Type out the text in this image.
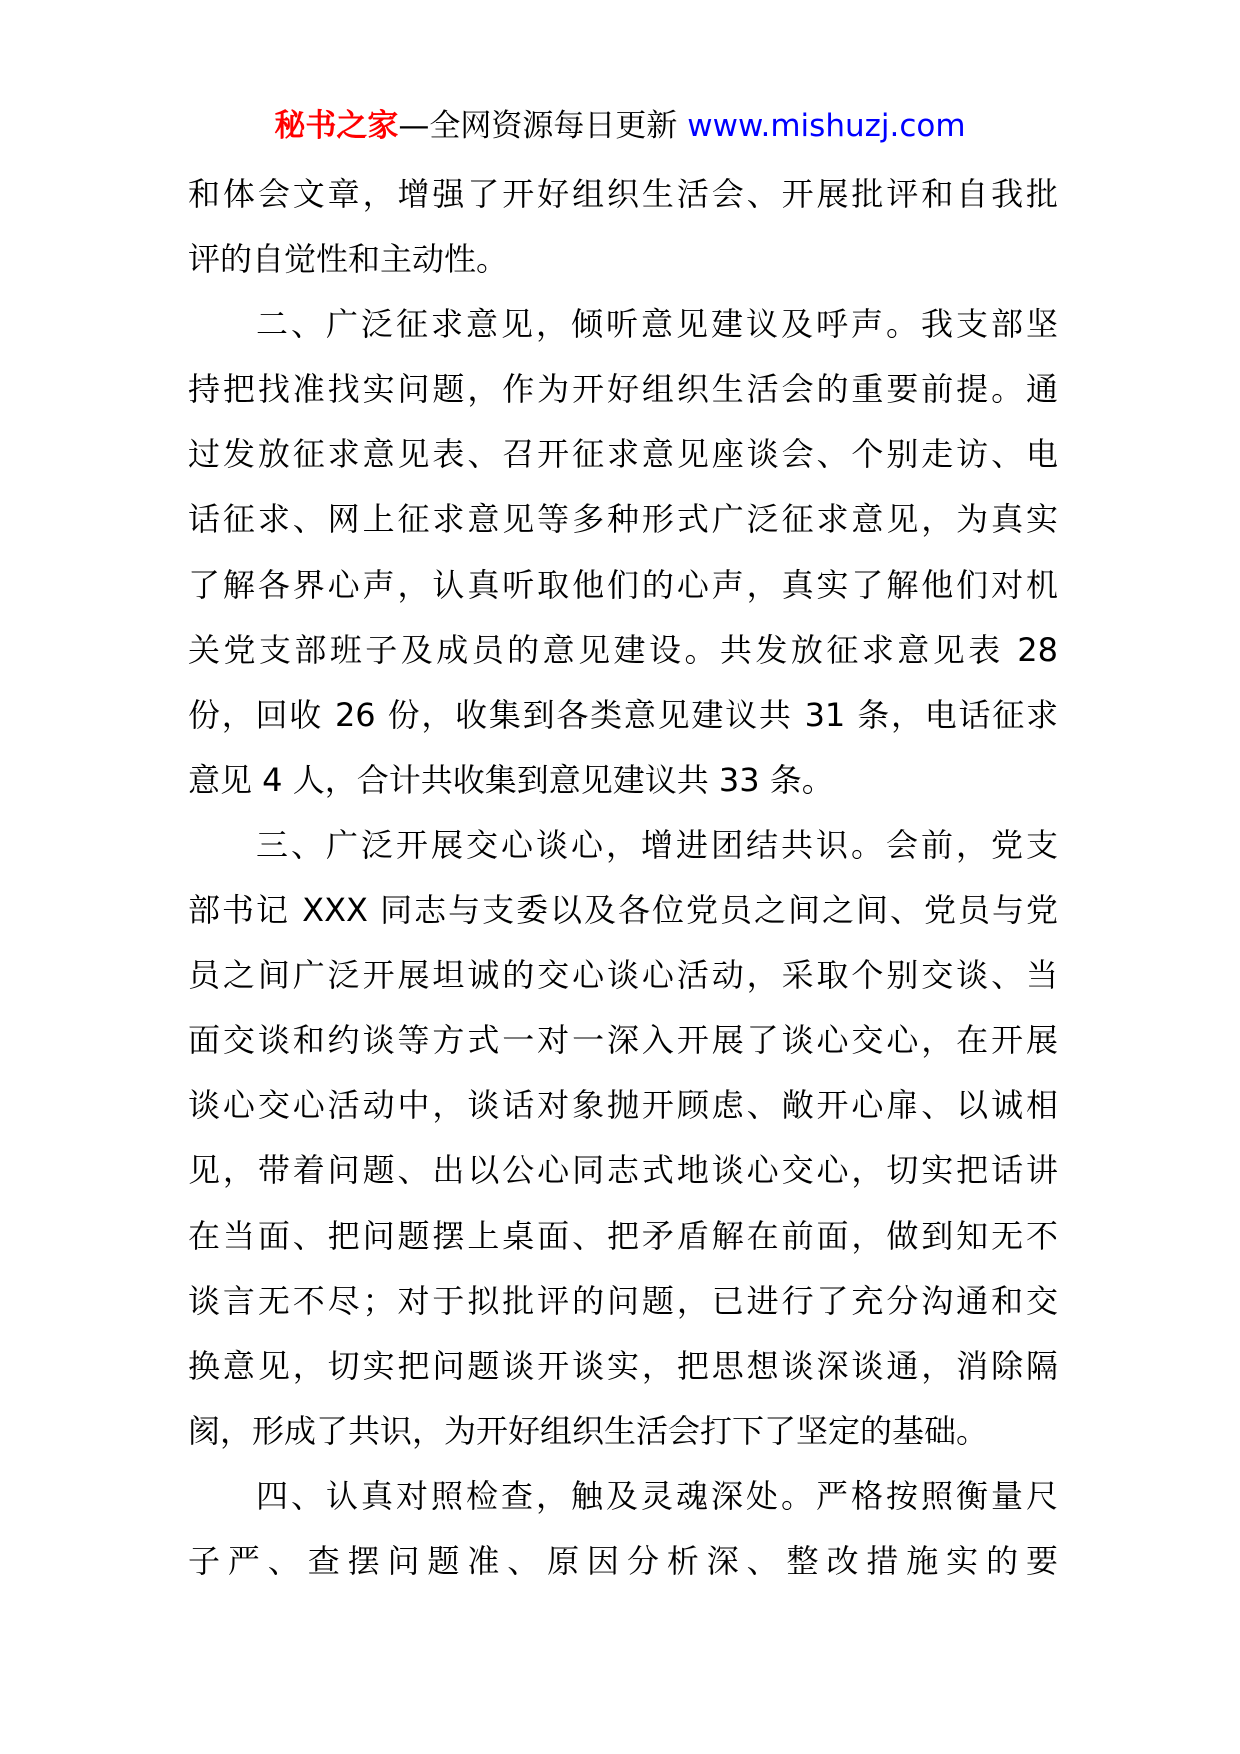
秘书之家—全网资源每日更新 www.mishuzj.com
和体会文章，增强了开好组织生活会、开展批评和自我批
评的自觉性和主动性。
二、广泛征求意见，倾听意见建议及呼声。我支部坚
持把找准找实问题，作为开好组织生活会的重要前提。通
过发放征求意见表、召开征求意见座谈会、个别走访、电
话征求、网上征求意见等多种形式广泛征求意见，为真实
了解各界心声，认真听取他们的心声，真实了解他们对机
关党支部班子及成员的意见建设。共发放征求意见表 28
份，回收 26 份，收集到各类意见建议共 31 条，电话征求
意见 4 人，合计共收集到意见建议共 33 条。
三、广泛开展交心谈心，增进团结共识。会前，党支
部书记 XXX 同志与支委以及各位党员之间之间、党员与党
员之间广泛开展坦诚的交心谈心活动，采取个别交谈、当
面交谈和约谈等方式一对一深入开展了谈心交心，在开展
谈心交心活动中，谈话对象抛开顾虑、敞开心扉、以诚相
见，带着问题、出以公心同志式地谈心交心，切实把话讲
在当面、把问题摆上桌面、把矛盾解在前面，做到知无不
谈言无不尽；对于拟批评的问题，已进行了充分沟通和交
换意见，切实把问题谈开谈实，把思想谈深谈通，消除隔
阂，形成了共识，为开好组织生活会打下了坚定的基础。
四、认真对照检查，触及灵魂深处。严格按照衡量尺
子严、查摆问题准、原因分析深、整改措施实的要
